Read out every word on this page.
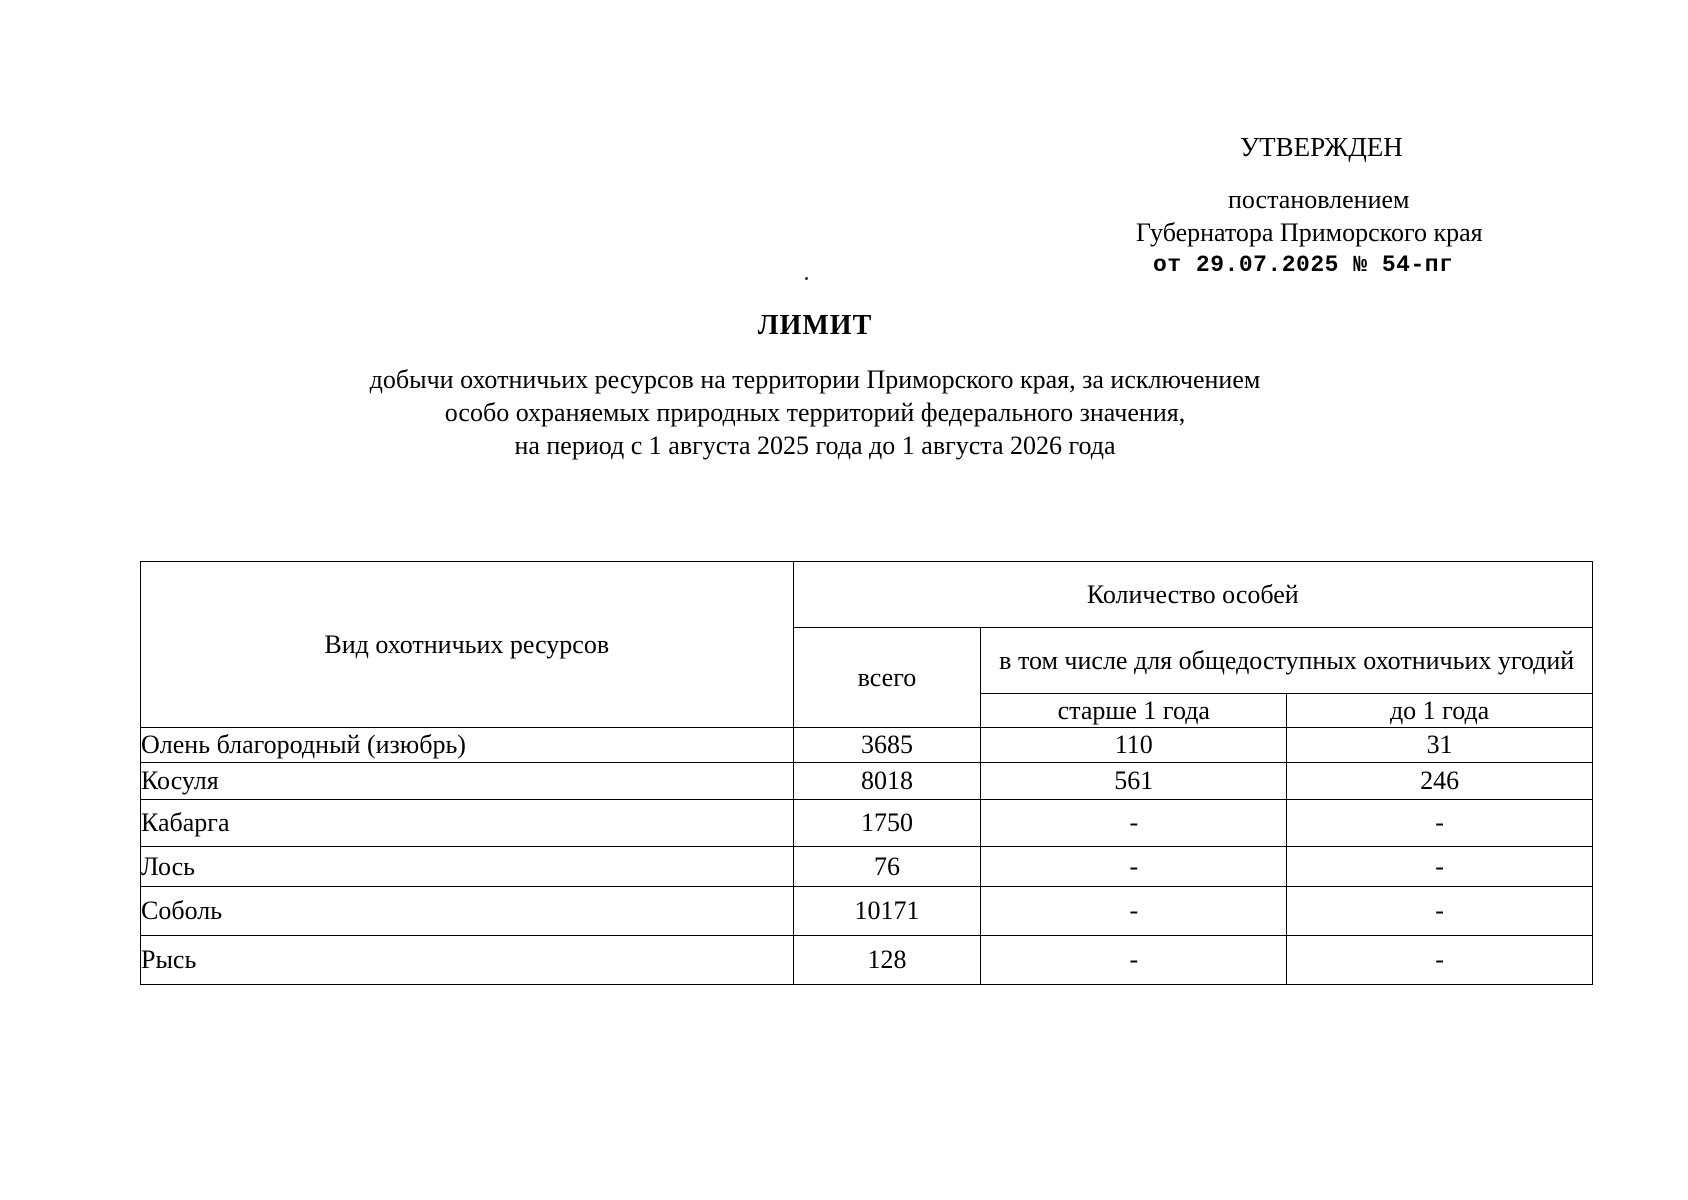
УТВЕРЖДЕН
постановлением
Губернатора Приморского края
от 29.07.2025 № 54-пг
ЛИМИТ
добычи охотничьих ресурсов на территории Приморского края, за исключением
особо охраняемых природных территорий федерального значения,
на период с 1 августа 2025 года до 1 августа 2026 года
Вид охотничьих ресурсов	Количество особей		
	всего	в том числе для общедоступных охотничьих угодий	
		старше 1 года	до 1 года
Олень благородный (изюбрь)	3685	110	31
Косуля	8018	561	246
Кабарга	1750	-	-
Лось	76	-	-
Соболь	10171	-	-
Рысь	128	-	-
